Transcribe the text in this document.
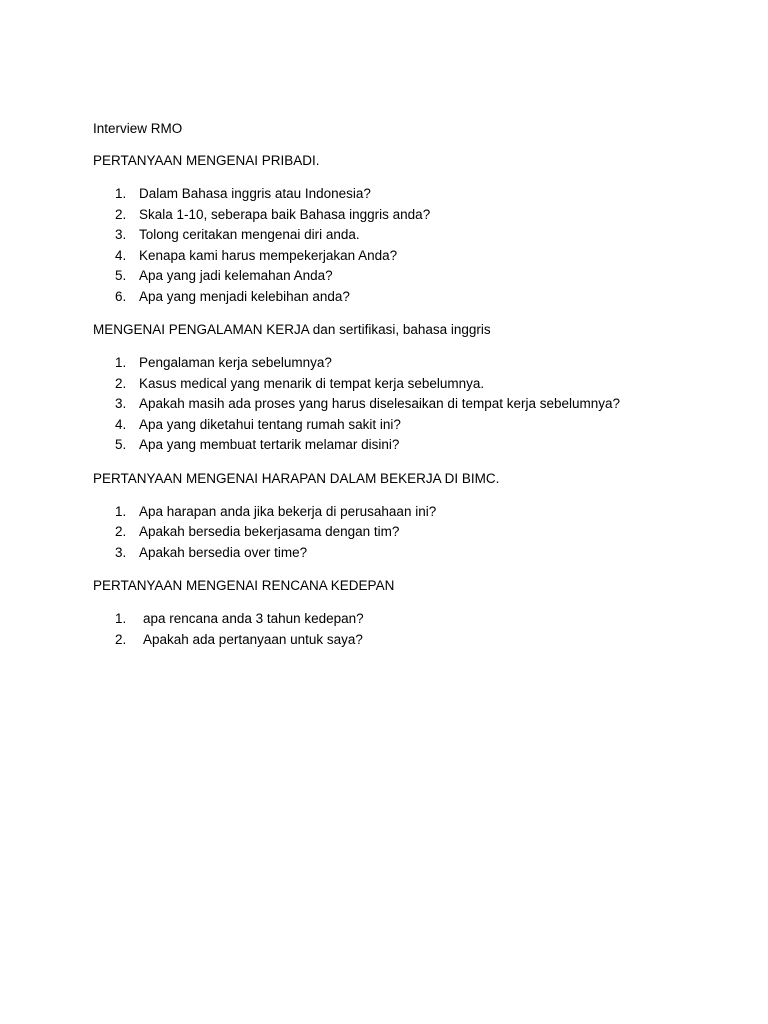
Interview RMO
PERTANYAAN MENGENAI PRIBADI.
1. Dalam Bahasa inggris atau Indonesia?
2. Skala 1-10, seberapa baik Bahasa inggris anda?
3. Tolong ceritakan mengenai diri anda.
4. Kenapa kami harus mempekerjakan Anda?
5. Apa yang jadi kelemahan Anda?
6. Apa yang menjadi kelebihan anda?
MENGENAI PENGALAMAN KERJA dan sertifikasi, bahasa inggris
1. Pengalaman kerja sebelumnya?
2. Kasus medical yang menarik di tempat kerja sebelumnya.
3. Apakah masih ada proses yang harus diselesaikan di tempat kerja sebelumnya?
4. Apa yang diketahui tentang rumah sakit ini?
5. Apa yang membuat tertarik melamar disini?
PERTANYAAN MENGENAI HARAPAN DALAM BEKERJA DI BIMC.
1. Apa harapan anda jika bekerja di perusahaan ini?
2. Apakah bersedia bekerjasama dengan tim?
3. Apakah bersedia over time?
PERTANYAAN MENGENAI RENCANA KEDEPAN
1. apa rencana anda 3 tahun kedepan?
2. Apakah ada pertanyaan untuk saya?
